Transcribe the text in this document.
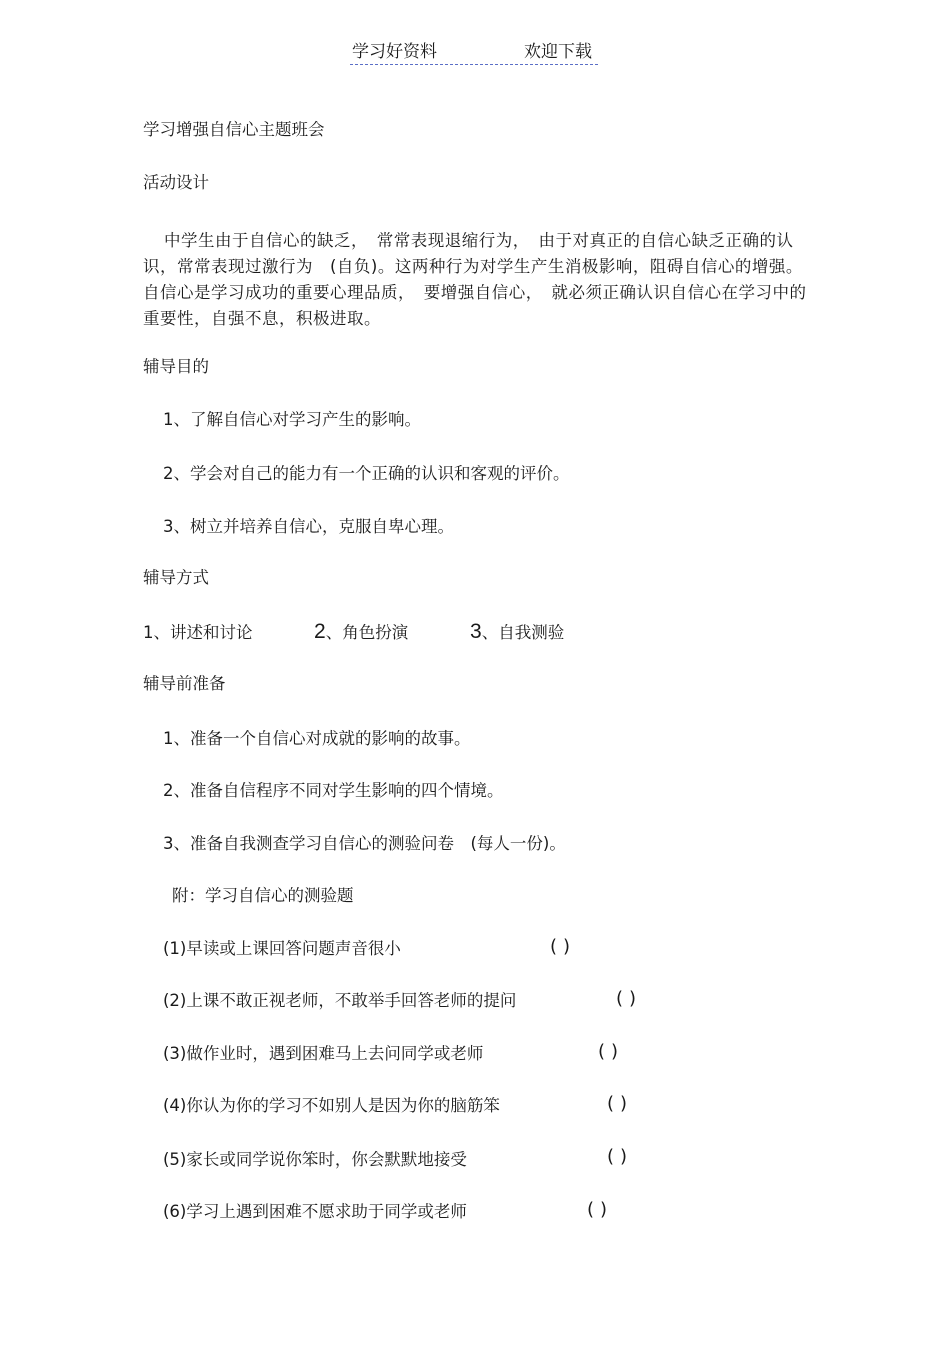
学习好资料	欢迎下载
学习增强自信心主题班会
活动设计
中学生由于自信心的缺乏，　常常表现退缩行为，　由于对真正的自信心缺乏正确的认识，常常表现过激行为　(自负)。这两种行为对学生产生消极影响，阻碍自信心的增强。自信心是学习成功的重要心理品质，　要增强自信心，　就必须正确认识自信心在学习中的重要性，自强不息，积极进取。
辅导目的
1、了解自信心对学习产生的影响。
2、学会对自己的能力有一个正确的认识和客观的评价。
3、树立并培养自信心，克服自卑心理。
辅导方式
1、讲述和讨论	2、角色扮演	3、自我测验
辅导前准备
1、准备一个自信心对成就的影响的故事。
2、准备自信程序不同对学生影响的四个情境。
3、准备自我测查学习自信心的测验问卷　(每人一份)。
附：学习自信心的测验题
(1)早读或上课回答问题声音很小	()
(2)上课不敢正视老师，不敢举手回答老师的提问	()
(3)做作业时，遇到困难马上去问同学或老师	()
(4)你认为你的学习不如别人是因为你的脑筋笨	()
(5)家长或同学说你笨时，你会默默地接受	()
(6)学习上遇到困难不愿求助于同学或老师	()
